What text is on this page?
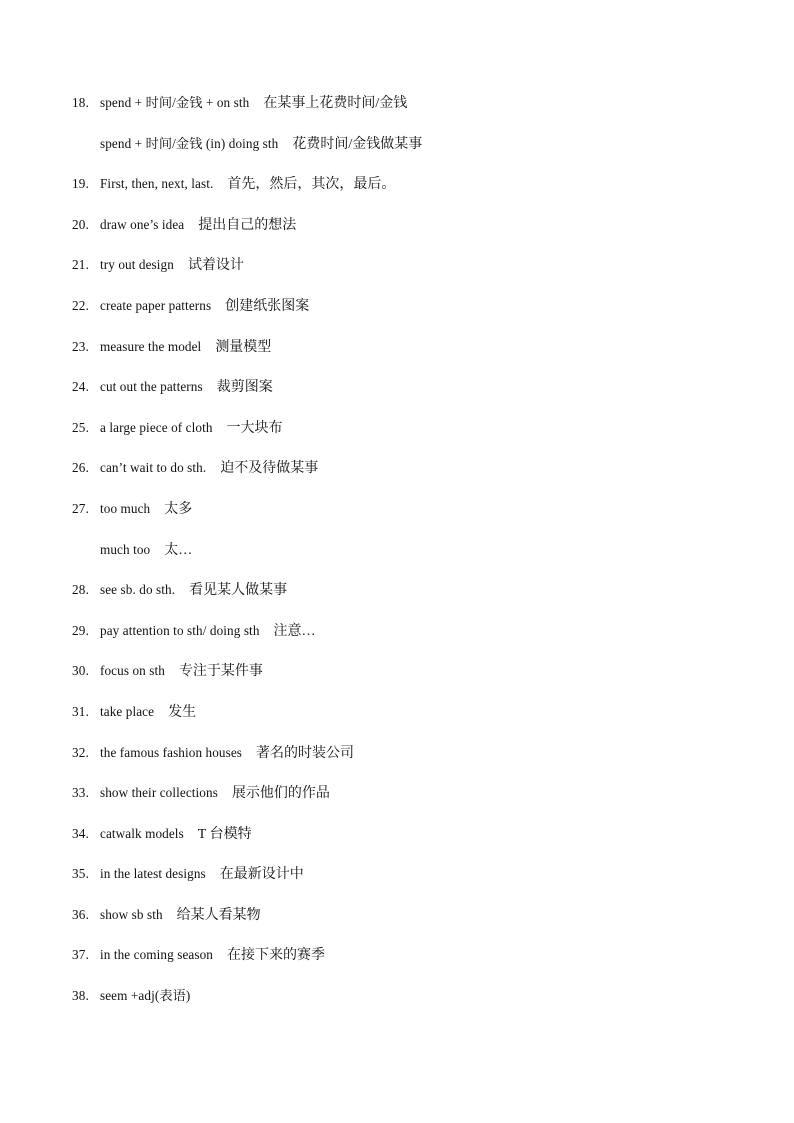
18. spend + 时间/金钱 + on sth 在某事上花费时间/金钱
spend + 时间/金钱 (in) doing sth 花费时间/金钱做某事
19. First, then, next, last. 首先，然后，其次，最后。
20. draw one’s idea 提出自己的想法
21. try out design 试着设计
22. create paper patterns 创建纸张图案
23. measure the model 测量模型
24. cut out the patterns 裁剪图案
25. a large piece of cloth 一大块布
26. can’t wait to do sth. 迫不及待做某事
27. too much 太多
much too 太…
28. see sb. do sth. 看见某人做某事
29. pay attention to sth/ doing sth 注意…
30. focus on sth 专注于某件事
31. take place 发生
32. the famous fashion houses 著名的时装公司
33. show their collections 展示他们的作品
34. catwalk models T 台模特
35. in the latest designs 在最新设计中
36. show sb sth 给某人看某物
37. in the coming season 在接下来的赛季
38. seem +adj(表语)
